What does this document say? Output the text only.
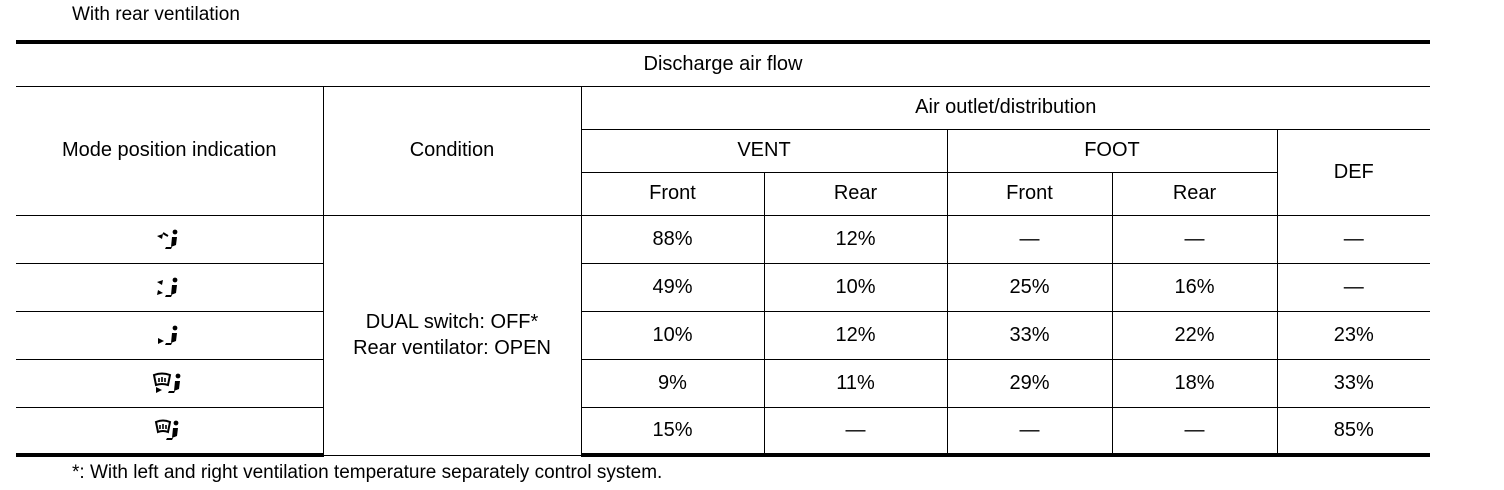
With rear ventilation
Discharge air flow						
Mode position indication	Condition	Air outlet/distribution				
		VENT		FOOT		DEF
		Front	Rear	Front	Rear	

DUAL switch: OFF*
Rear ventilator: OPEN	88%	12%	—	—	—
	49%	10%	25%	16%	—
	10%	12%	33%	22%	23%
	9%	11%	29%	18%	33%
	15%	—	—	—	85%
*: With left and right ventilation temperature separately control system.
